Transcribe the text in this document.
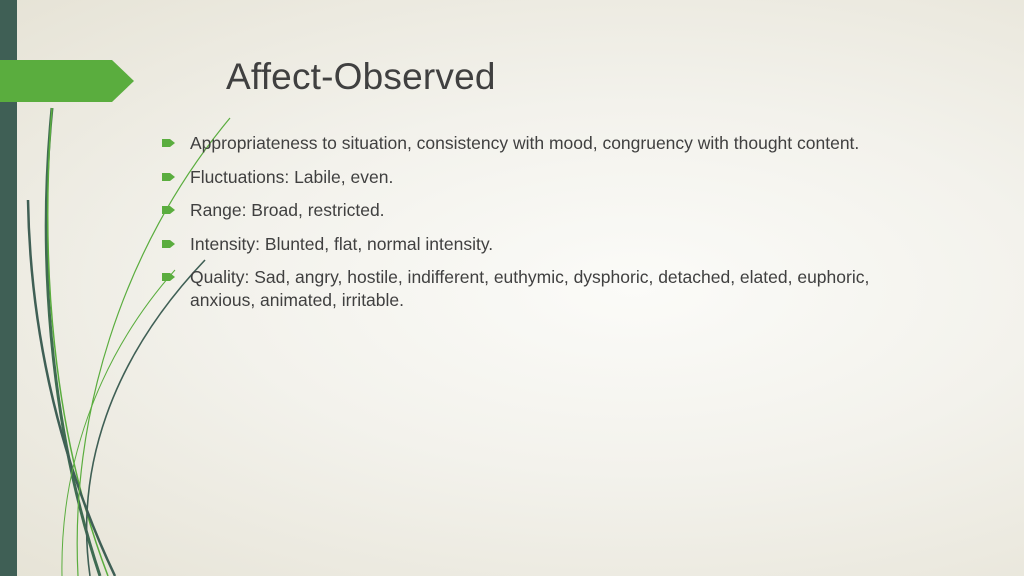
Affect-Observed
Appropriateness to situation, consistency with mood, congruency with thought content.
Fluctuations: Labile, even.
Range: Broad, restricted.
Intensity: Blunted, flat, normal intensity.
Quality: Sad, angry, hostile, indifferent, euthymic, dysphoric, detached, elated, euphoric, anxious, animated, irritable.
